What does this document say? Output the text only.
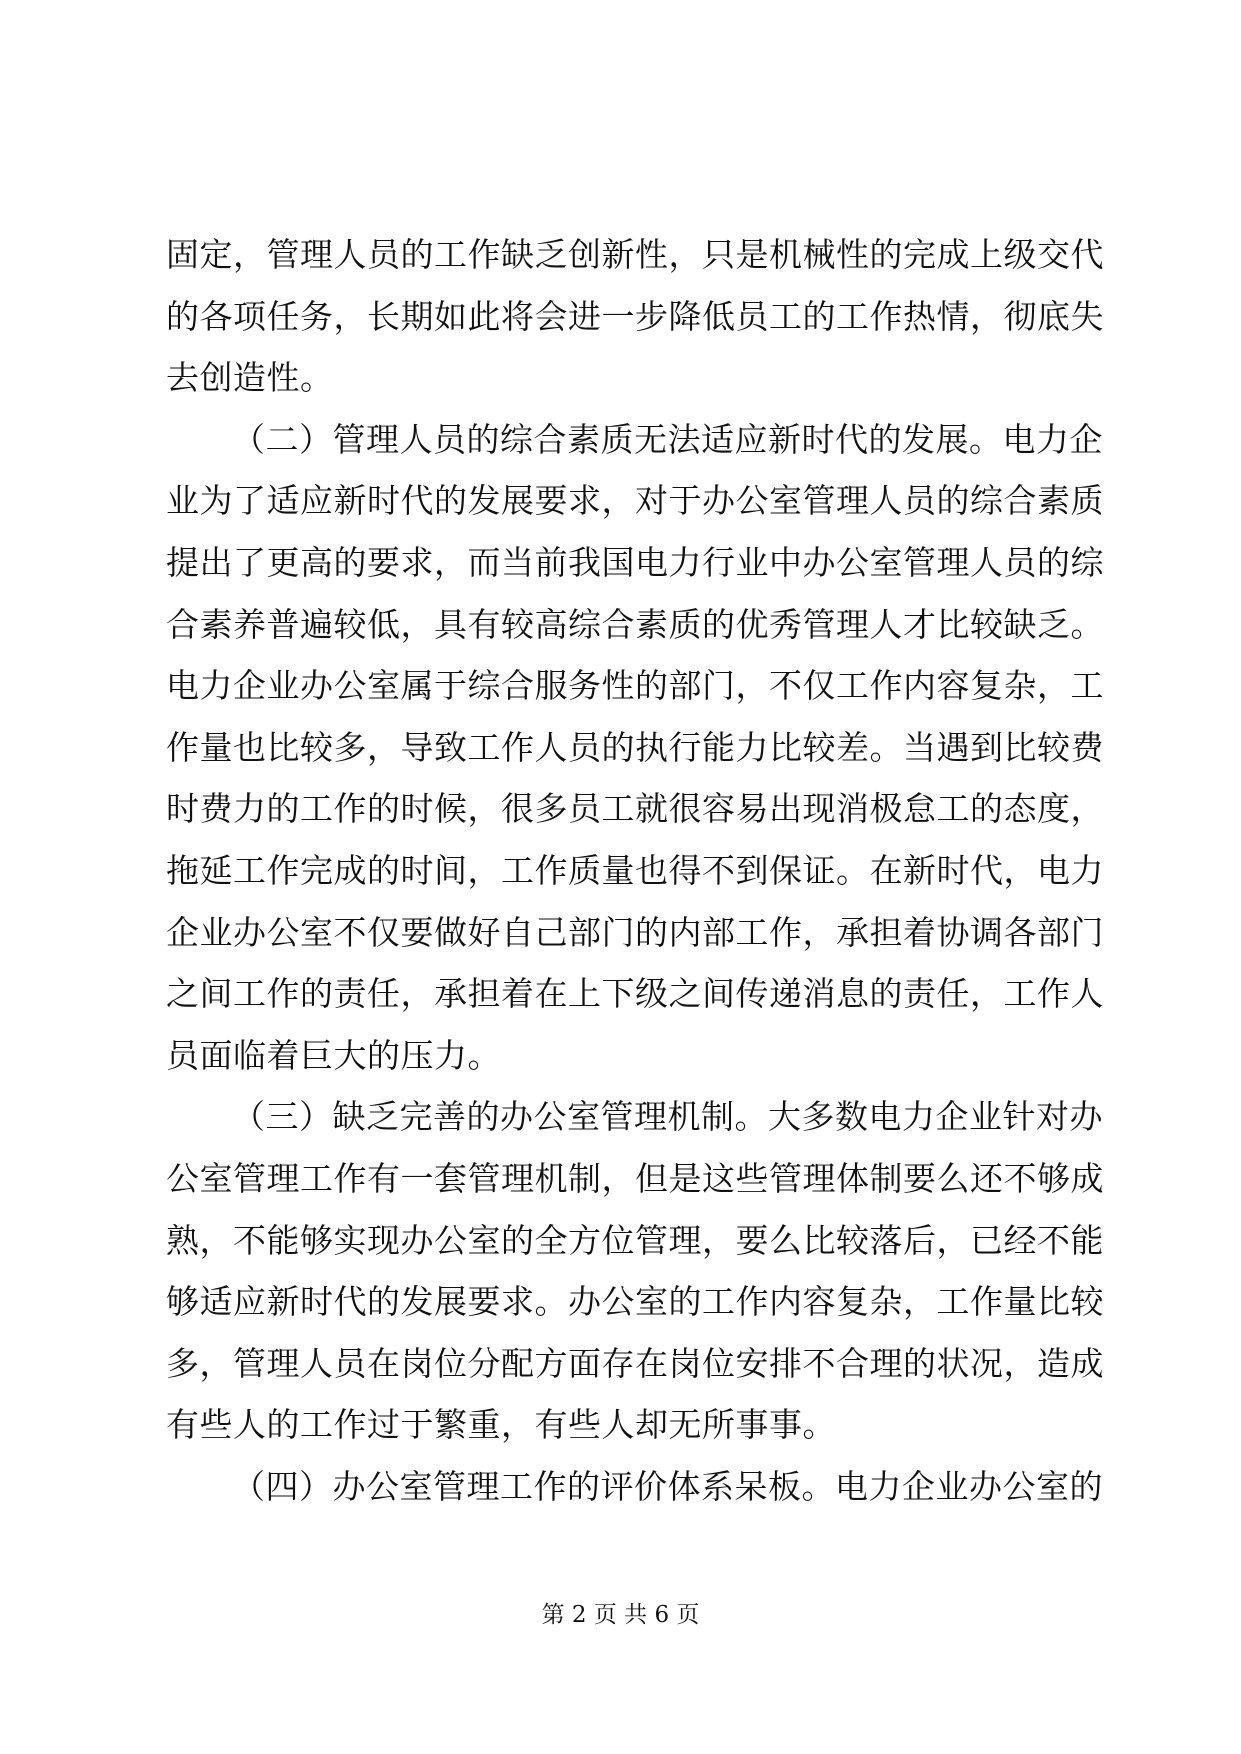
固定，管理人员的工作缺乏创新性，只是机械性的完成上级交代
的各项任务，长期如此将会进一步降低员工的工作热情，彻底失
去创造性。
（二）管理人员的综合素质无法适应新时代的发展。电力企
业为了适应新时代的发展要求，对于办公室管理人员的综合素质
提出了更高的要求，而当前我国电力行业中办公室管理人员的综
合素养普遍较低，具有较高综合素质的优秀管理人才比较缺乏。
电力企业办公室属于综合服务性的部门，不仅工作内容复杂，工
作量也比较多，导致工作人员的执行能力比较差。当遇到比较费
时费力的工作的时候，很多员工就很容易出现消极怠工的态度，
拖延工作完成的时间，工作质量也得不到保证。在新时代，电力
企业办公室不仅要做好自己部门的内部工作，承担着协调各部门
之间工作的责任，承担着在上下级之间传递消息的责任，工作人
员面临着巨大的压力。
（三）缺乏完善的办公室管理机制。大多数电力企业针对办
公室管理工作有一套管理机制，但是这些管理体制要么还不够成
熟，不能够实现办公室的全方位管理，要么比较落后，已经不能
够适应新时代的发展要求。办公室的工作内容复杂，工作量比较
多，管理人员在岗位分配方面存在岗位安排不合理的状况，造成
有些人的工作过于繁重，有些人却无所事事。
（四）办公室管理工作的评价体系呆板。电力企业办公室的
第 2 页 共 6 页
